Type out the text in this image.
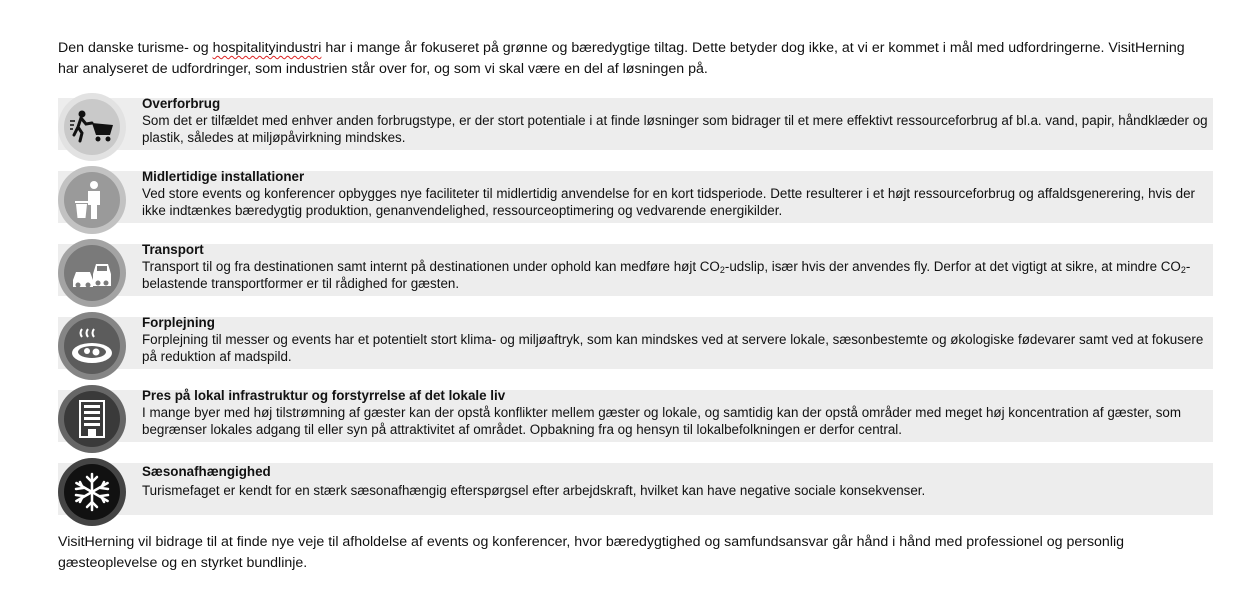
Den danske turisme- og hospitalityindustri har i mange år fokuseret på grønne og bæredygtige tiltag. Dette betyder dog ikke, at vi er kommet i mål med udfordringerne. VisitHerning har analyseret de udfordringer, som industrien står over for, og som vi skal være en del af løsningen på.
Overforbrug
Som det er tilfældet med enhver anden forbrugstype, er der stort potentiale i at finde løsninger som bidrager til et mere effektivt ressourceforbrug af bl.a. vand, papir, håndklæder og plastik, således at miljøpåvirkning mindskes.
Midlertidige installationer
Ved store events og konferencer opbygges nye faciliteter til midlertidig anvendelse for en kort tidsperiode. Dette resulterer i et højt ressourceforbrug og affaldsgenerering, hvis der ikke indtænkes bæredygtig produktion, genanvendelighed, ressourceoptimering og vedvarende energikilder.
Transport
Transport til og fra destinationen samt internt på destinationen under ophold kan medføre højt $CO_2$-udslip, især hvis der anvendes fly. Derfor at det vigtigt at sikre, at mindre $CO_2-$ belastende transportformer er til rådighed for gæsten.
Forplejning
Forplejning til messer og events har et potentielt stort klima- og miljøaftryk, som kan mindskes ved at servere lokale, sæsonbestemte og økologiske fødevarer samt ved at fokusere på reduktion af madspild.
Pres på lokal infrastruktur og forstyrrelse af det lokale liv
I mange byer med høj tilstrømning af gæster kan der opstå konflikter mellem gæster og lokale, og samtidig kan der opstå områder med meget høj koncentration af gæster, som begrænser lokales adgang til eller syn på attraktivitet af området. Opbakning fra og hensyn til lokalbefolkningen er derfor central.
Sæsonafhængighed
Turismefaget er kendt for en stærk sæsonafhængig efterspørgsel efter arbejdskraft, hvilket kan have negative sociale konsekvenser.
VisitHerning vil bidrage til at finde nye veje til afholdelse af events og konferencer, hvor bæredygtighed og samfundsansvar går hånd i hånd med professionel og personlig gæsteoplevelse og en styrket bundlinje.
